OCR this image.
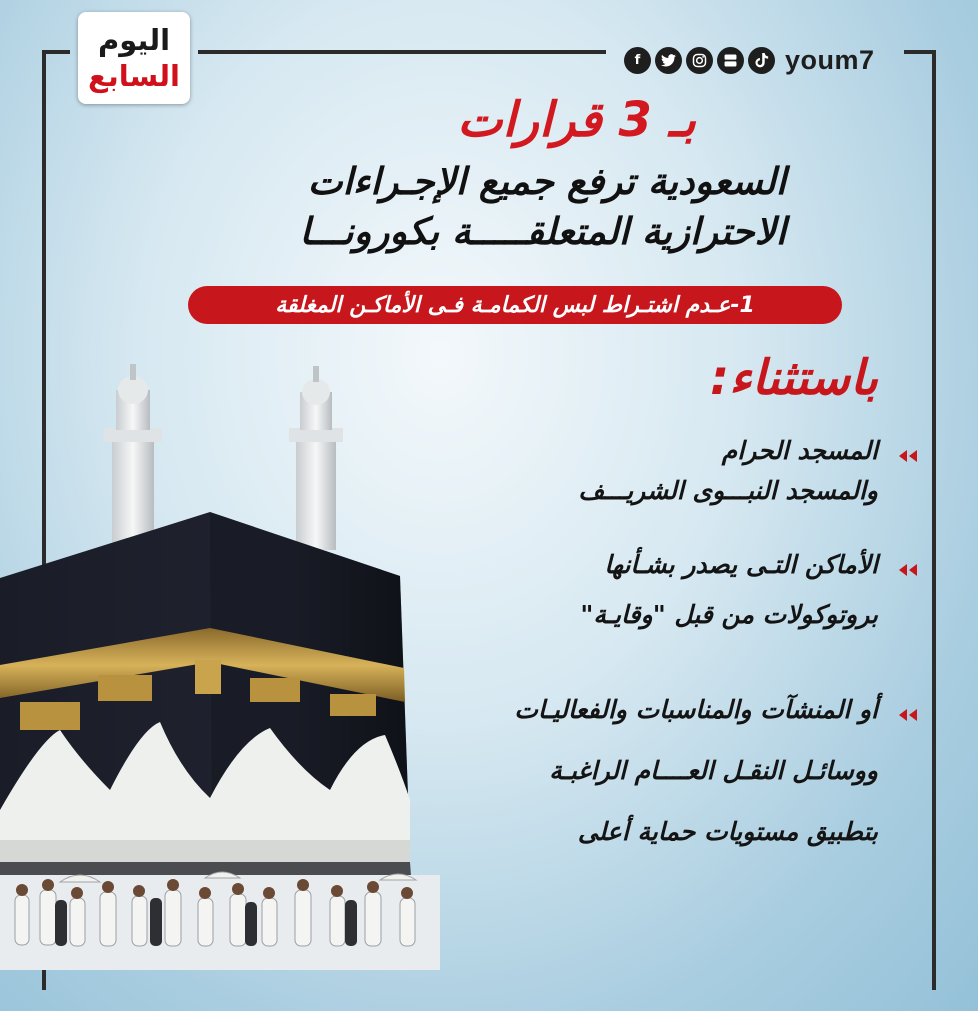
اليوم
السابع	f	youm7
بـ 3 قرارات
السعودية ترفع جميع الإجـراءات
الاحترازية المتعلقـــــة بكورونـــا
1-عـدم اشتـراط لبس الكمامـة فـى الأماكـن المغلقة
باستثناء:
المسجد الحرام
والمسجد النبـــوى الشريـــف
الأماكن التـى يصدر بشـأنها
بروتوكولات من قبل "وقايـة"
أو المنشآت والمناسبات والفعاليـات
ووسائـل النقـل العــــام الراغبـة
بتطبيق مستويات حماية أعلى
